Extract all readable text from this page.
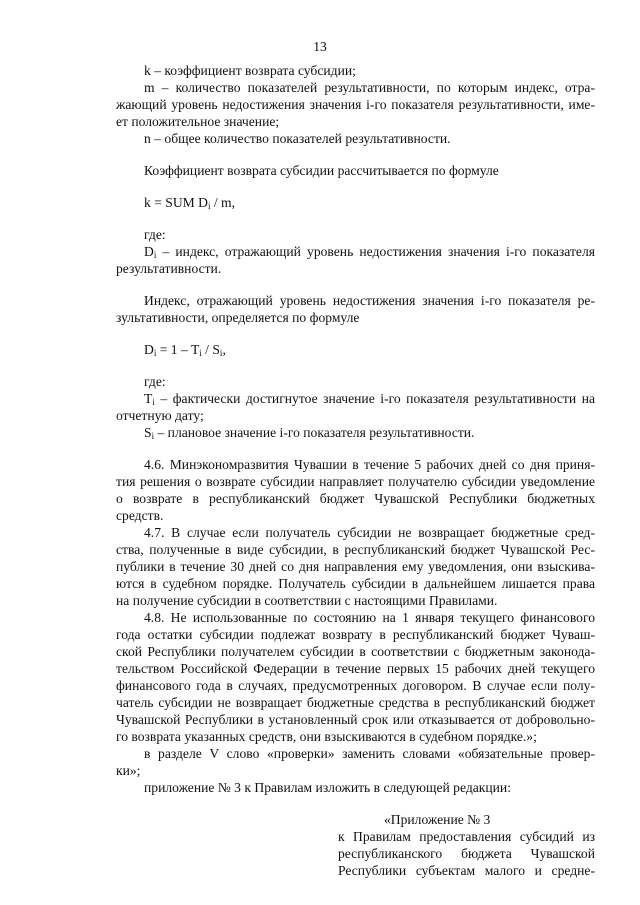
13
k – коэффициент возврата субсидии;
m – количество показателей результативности, по которым индекс, отра-
жающий уровень недостижения значения i-го показателя результативности, име-
ет положительное значение;
n – общее количество показателей результативности.
Коэффициент возврата субсидии рассчитывается по формуле
k = SUM $D_i$ / m,
где:
$D_i$ – индекс, отражающий уровень недостижения значения i-го показателя
результативности.
Индекс, отражающий уровень недостижения значения i-го показателя ре-
зультативности, определяется по формуле
$D_i = 1 - T_i / S_i$,
где:
$T_i$ – фактически достигнутое значение i-го показателя результативности на
отчетную дату;
$S_i$ – плановое значение i-го показателя результативности.
4.6. Минэкономразвития Чувашии в течение 5 рабочих дней со дня приня-
тия решения о возврате субсидии направляет получателю субсидии уведомление
о возврате в республиканский бюджет Чувашской Республики бюджетных
средств.
4.7. В случае если получатель субсидии не возвращает бюджетные сред-
ства, полученные в виде субсидии, в республиканский бюджет Чувашской Рес-
публики в течение 30 дней со дня направления ему уведомления, они взыскива-
ются в судебном порядке. Получатель субсидии в дальнейшем лишается права
на получение субсидии в соответствии с настоящими Правилами.
4.8. Не использованные по состоянию на 1 января текущего финансового
года остатки субсидии подлежат возврату в республиканский бюджет Чуваш-
ской Республики получателем субсидии в соответствии с бюджетным законода-
тельством Российской Федерации в течение первых 15 рабочих дней текущего
финансового года в случаях, предусмотренных договором. В случае если полу-
чатель субсидии не возвращает бюджетные средства в республиканский бюджет
Чувашской Республики в установленный срок или отказывается от добровольно-
го возврата указанных средств, они взыскиваются в судебном порядке.»;
в разделе V слово «проверки» заменить словами «обязательные провер-
ки»;
приложение № 3 к Правилам изложить в следующей редакции:
«Приложение № 3
к Правилам предоставления субсидий из
республиканского бюджета Чувашской
Республики субъектам малого и средне-
